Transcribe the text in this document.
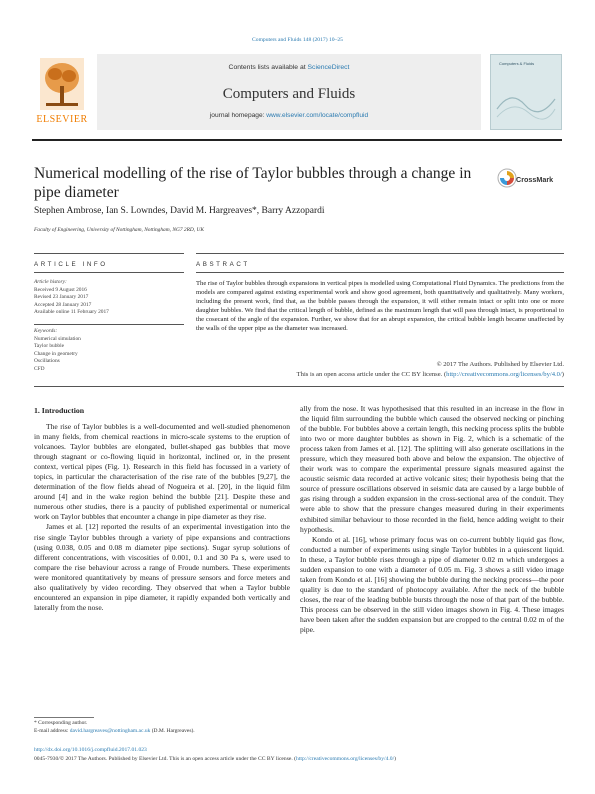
Computers and Fluids 148 (2017) 10–25
ELSEVIER
Contents lists available at ScienceDirect
Computers and Fluids
journal homepage: www.elsevier.com/locate/compfluid
Computers & Fluids
Numerical modelling of the rise of Taylor bubbles through a change in pipe diameter
CrossMark
Stephen Ambrose, Ian S. Lowndes, David M. Hargreaves*, Barry Azzopardi
Faculty of Engineering, University of Nottingham, Nottingham, NG7 2RD, UK
ARTICLE INFO
Article history:
Received 9 August 2016
Revised 23 January 2017
Accepted 28 January 2017
Available online 11 February 2017
Keywords:
Numerical simulation
Taylor bubble
Change in geometry
Oscillations
CFD
ABSTRACT
The rise of Taylor bubbles through expansions in vertical pipes is modelled using Computational Fluid Dynamics. The predictions from the models are compared against existing experimental work and show good agreement, both quantitatively and qualitatively. Many workers, including the present work, find that, as the bubble passes through the expansion, it will either remain intact or split into one or more daughter bubbles. We find that the critical length of bubble, defined as the maximum length that will pass through intact, is proportional to the cosecant of the angle of the expansion. Further, we show that for an abrupt expansion, the critical bubble length became unaffected by the walls of the upper pipe as the diameter was increased.
© 2017 The Authors. Published by Elsevier Ltd.
This is an open access article under the CC BY license. (http://creativecommons.org/licenses/by/4.0/)
1. Introduction

The rise of Taylor bubbles is a well-documented and well-studied phenomenon in many fields, from chemical reactions in micro-scale systems to the eruption of volcanoes. Taylor bubbles are elongated, bullet-shaped gas bubbles that move through stagnant or co-flowing liquid in horizontal, inclined or, in the present context, vertical pipes (Fig. 1). Research in this field has focussed in a variety of topics, in particular the characterisation of the rise rate of the bubbles [9,27], the determination of the flow fields ahead of Nogueira et al. [20], in the liquid film around [4] and in the wake region behind the bubble [21]. Despite these and numerous other studies, there is a paucity of published experimental or numerical work on Taylor bubbles that encounter a change in pipe diameter as they rise.

James et al. [12] reported the results of an experimental investigation into the rise single Taylor bubbles through a variety of pipe expansions and contractions (using 0.038, 0.05 and 0.08 m diameter pipe sections). Sugar syrup solutions of different concentrations, with viscosities of 0.001, 0.1 and 30 Pa s, were used to compare the rise behaviour across a range of Froude numbers. These experiments were monitored quantitatively by means of pressure sensors and force meters and also qualitatively by video recording. They observed that when a Taylor bubble encountered an expansion in pipe diameter, it rapidly expanded both vertically and laterally from the nose.

ally from the nose. It was hypothesised that this resulted in an increase in the flow in the liquid film surrounding the bubble which caused the observed necking or pinching of the bubble. For bubbles above a certain length, this necking process splits the bubble into two or more daughter bubbles as shown in Fig. 2, which is a schematic of the process taken from James et al. [12]. The splitting will also generate oscillations in the pressure, which they measured both above and below the expansion. The objective of their work was to compare the experimental pressure signals measured against the acoustic seismic data recorded at active volcanic sites; their hypothesis being that the source of pressure oscillations observed in seismic data are caused by a large bubble of gas rising through a sudden expansion in the cross-sectional area of the conduit. They were able to show that the pressure changes measured during in their experiments exhibited similar behaviour to those recorded in the field, hence adding weight to their hypothesis.

Kondo et al. [16], whose primary focus was on co-current bubbly liquid gas flow, conducted a number of experiments using single Taylor bubbles in a quiescent liquid. In these, a Taylor bubble rises through a pipe of diameter 0.02 m which undergoes a sudden expansion to one with a diameter of 0.05 m. Fig. 3 shows a still video image taken from Kondo et al. [16] showing the bubble during the necking process—the poor quality is due to the standard of photocopy available. After the neck of the bubble closes, the rear of the leading bubble bursts through the nose of that part of the bubble. This process can be observed in the still video images shown in Fig. 4. These images have been taken after the sudden expansion but are cropped to the central 0.02 m of the pipe.

* Corresponding author.
E-mail address: david.hargreaves@nottingham.ac.uk (D.M. Hargreaves).
http://dx.doi.org/10.1016/j.compfluid.2017.01.023
0045-7930/© 2017 The Authors. Published by Elsevier Ltd. This is an open access article under the CC BY license. (http://creativecommons.org/licenses/by/4.0/)
